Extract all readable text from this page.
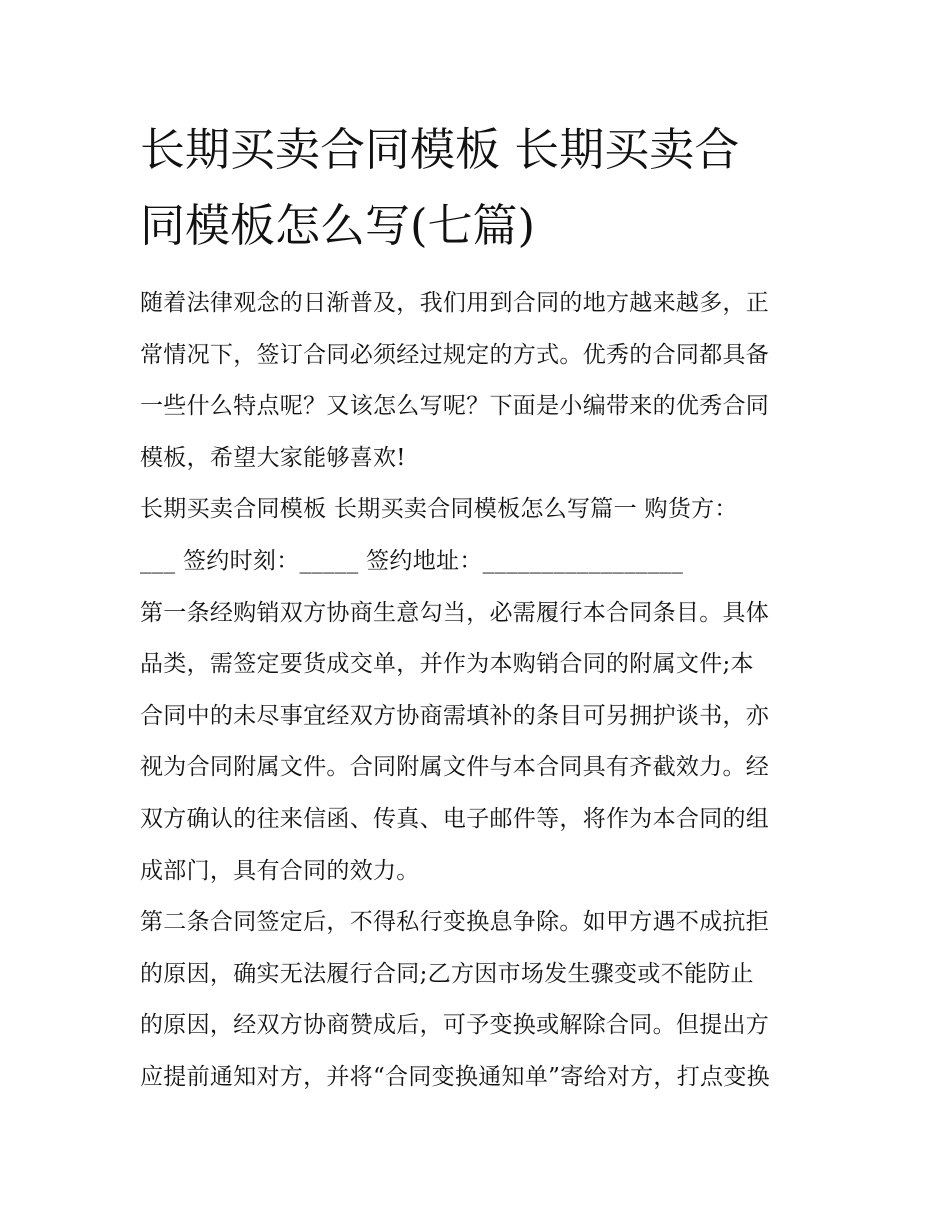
长期买卖合同模板 长期买卖合
同模板怎么写(七篇)
随着法律观念的日渐普及，我们用到合同的地方越来越多，正
常情况下，签订合同必须经过规定的方式。优秀的合同都具备
一些什么特点呢？又该怎么写呢？下面是小编带来的优秀合同
模板，希望大家能够喜欢!
长期买卖合同模板 长期买卖合同模板怎么写篇一 购货方：
___ 签约时刻：_____ 签约地址：_________________
第一条经购销双方协商生意勾当，必需履行本合同条目。具体
品类，需签定要货成交单，并作为本购销合同的附属文件;本
合同中的未尽事宜经双方协商需填补的条目可另拥护谈书，亦
视为合同附属文件。合同附属文件与本合同具有齐截效力。经
双方确认的往来信函、传真、电子邮件等，将作为本合同的组
成部门，具有合同的效力。
第二条合同签定后，不得私行变换息争除。如甲方遇不成抗拒
的原因，确实无法履行合同;乙方因市场发生骤变或不能防止
的原因，经双方协商赞成后，可予变换或解除合同。但提出方
应提前通知对方，并将“合同变换通知单”寄给对方，打点变换
